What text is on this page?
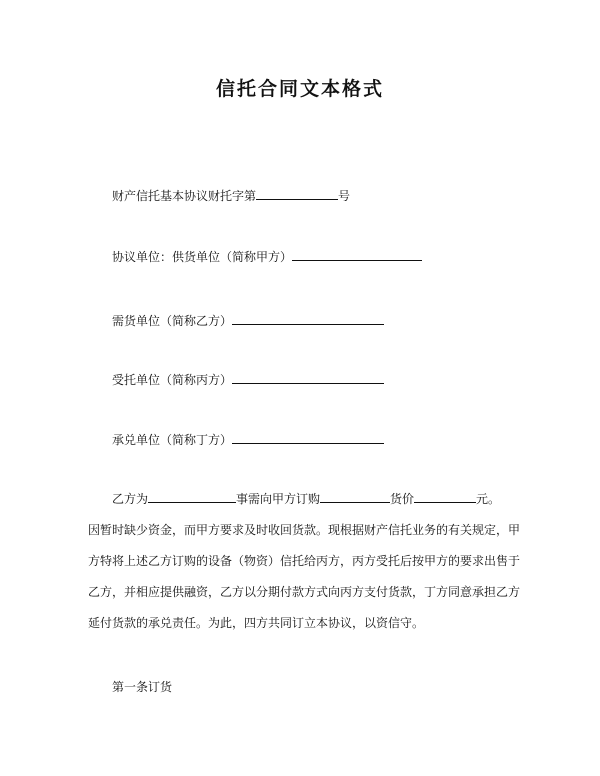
信托合同文本格式
财产信托基本协议财托字第	号
协议单位：供货单位（简称甲方）
需货单位（简称乙方）
受托单位（简称丙方）
承兑单位（简称丁方）
乙方为	事需向甲方订购	货价	元。
因暂时缺少资金，而甲方要求及时收回货款。现根据财产信托业务的有关规定，甲
方特将上述乙方订购的设备（物资）信托给丙方，丙方受托后按甲方的要求出售于
乙方，并相应提供融资，乙方以分期付款方式向丙方支付货款，丁方同意承担乙方
延付货款的承兑责任。为此，四方共同订立本协议，以资信守。
第一条订货
